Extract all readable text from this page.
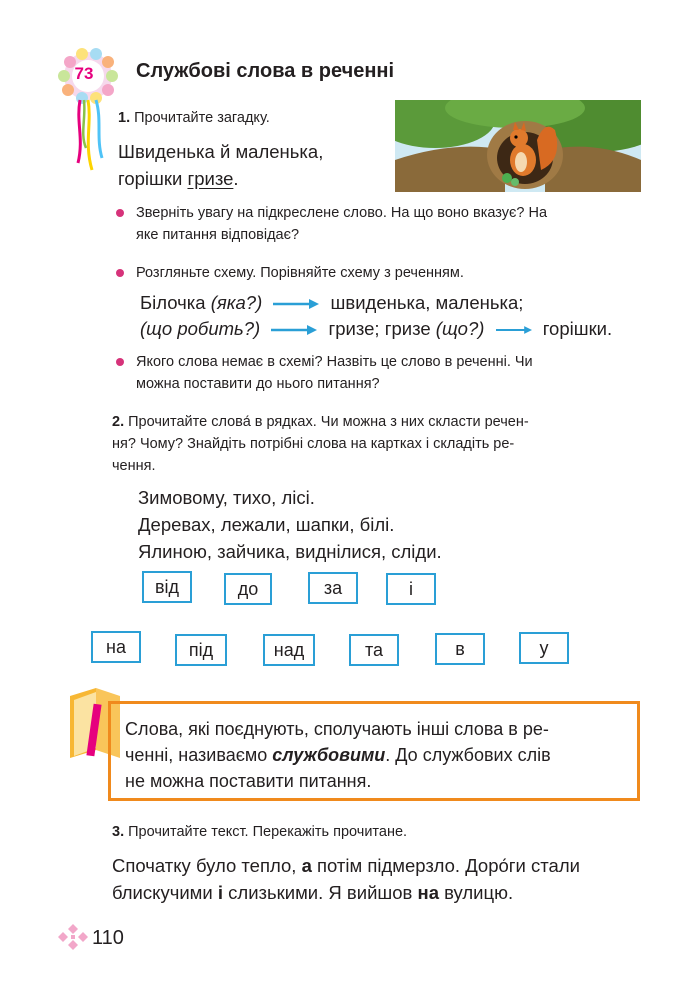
73	Службові слова в реченні
1. Прочитайте загадку.
Швиденька й маленька,
горішки гризе.
Зверніть увагу на підкреслене слово. На що воно вказує? На
яке питання відповідає?
Розгляньте схему. Порівняйте схему з реченням.
Білочка (яка?)	швиденька, маленька;
(що робить?)	гризе; гризе (що?)	горішки.
Якого слова немає в схемі? Назвіть це слово в реченні. Чи
можна поставити до нього питання?
2. Прочитайте слова́ в рядках. Чи можна з них скласти речен-
ня? Чому? Знайдіть потрібні слова на картках і складіть ре-
чення.
Зимовому, тихо, лісі.
Деревах, лежали, шапки, білі.
Ялиною, зайчика, виднілися, сліди.
від	до	за	і
на	під	над	та	в	у
Слова, які поєднують, сполучають інші слова в ре-
ченні, називаємо службовими. До службових слів
не можна поставити питання.
3. Прочитайте текст. Перекажіть прочитане.
Спочатку було тепло, а потім підмерзло. Доро́ги стали
блискучими і слизькими. Я вийшов на вулицю.
110
